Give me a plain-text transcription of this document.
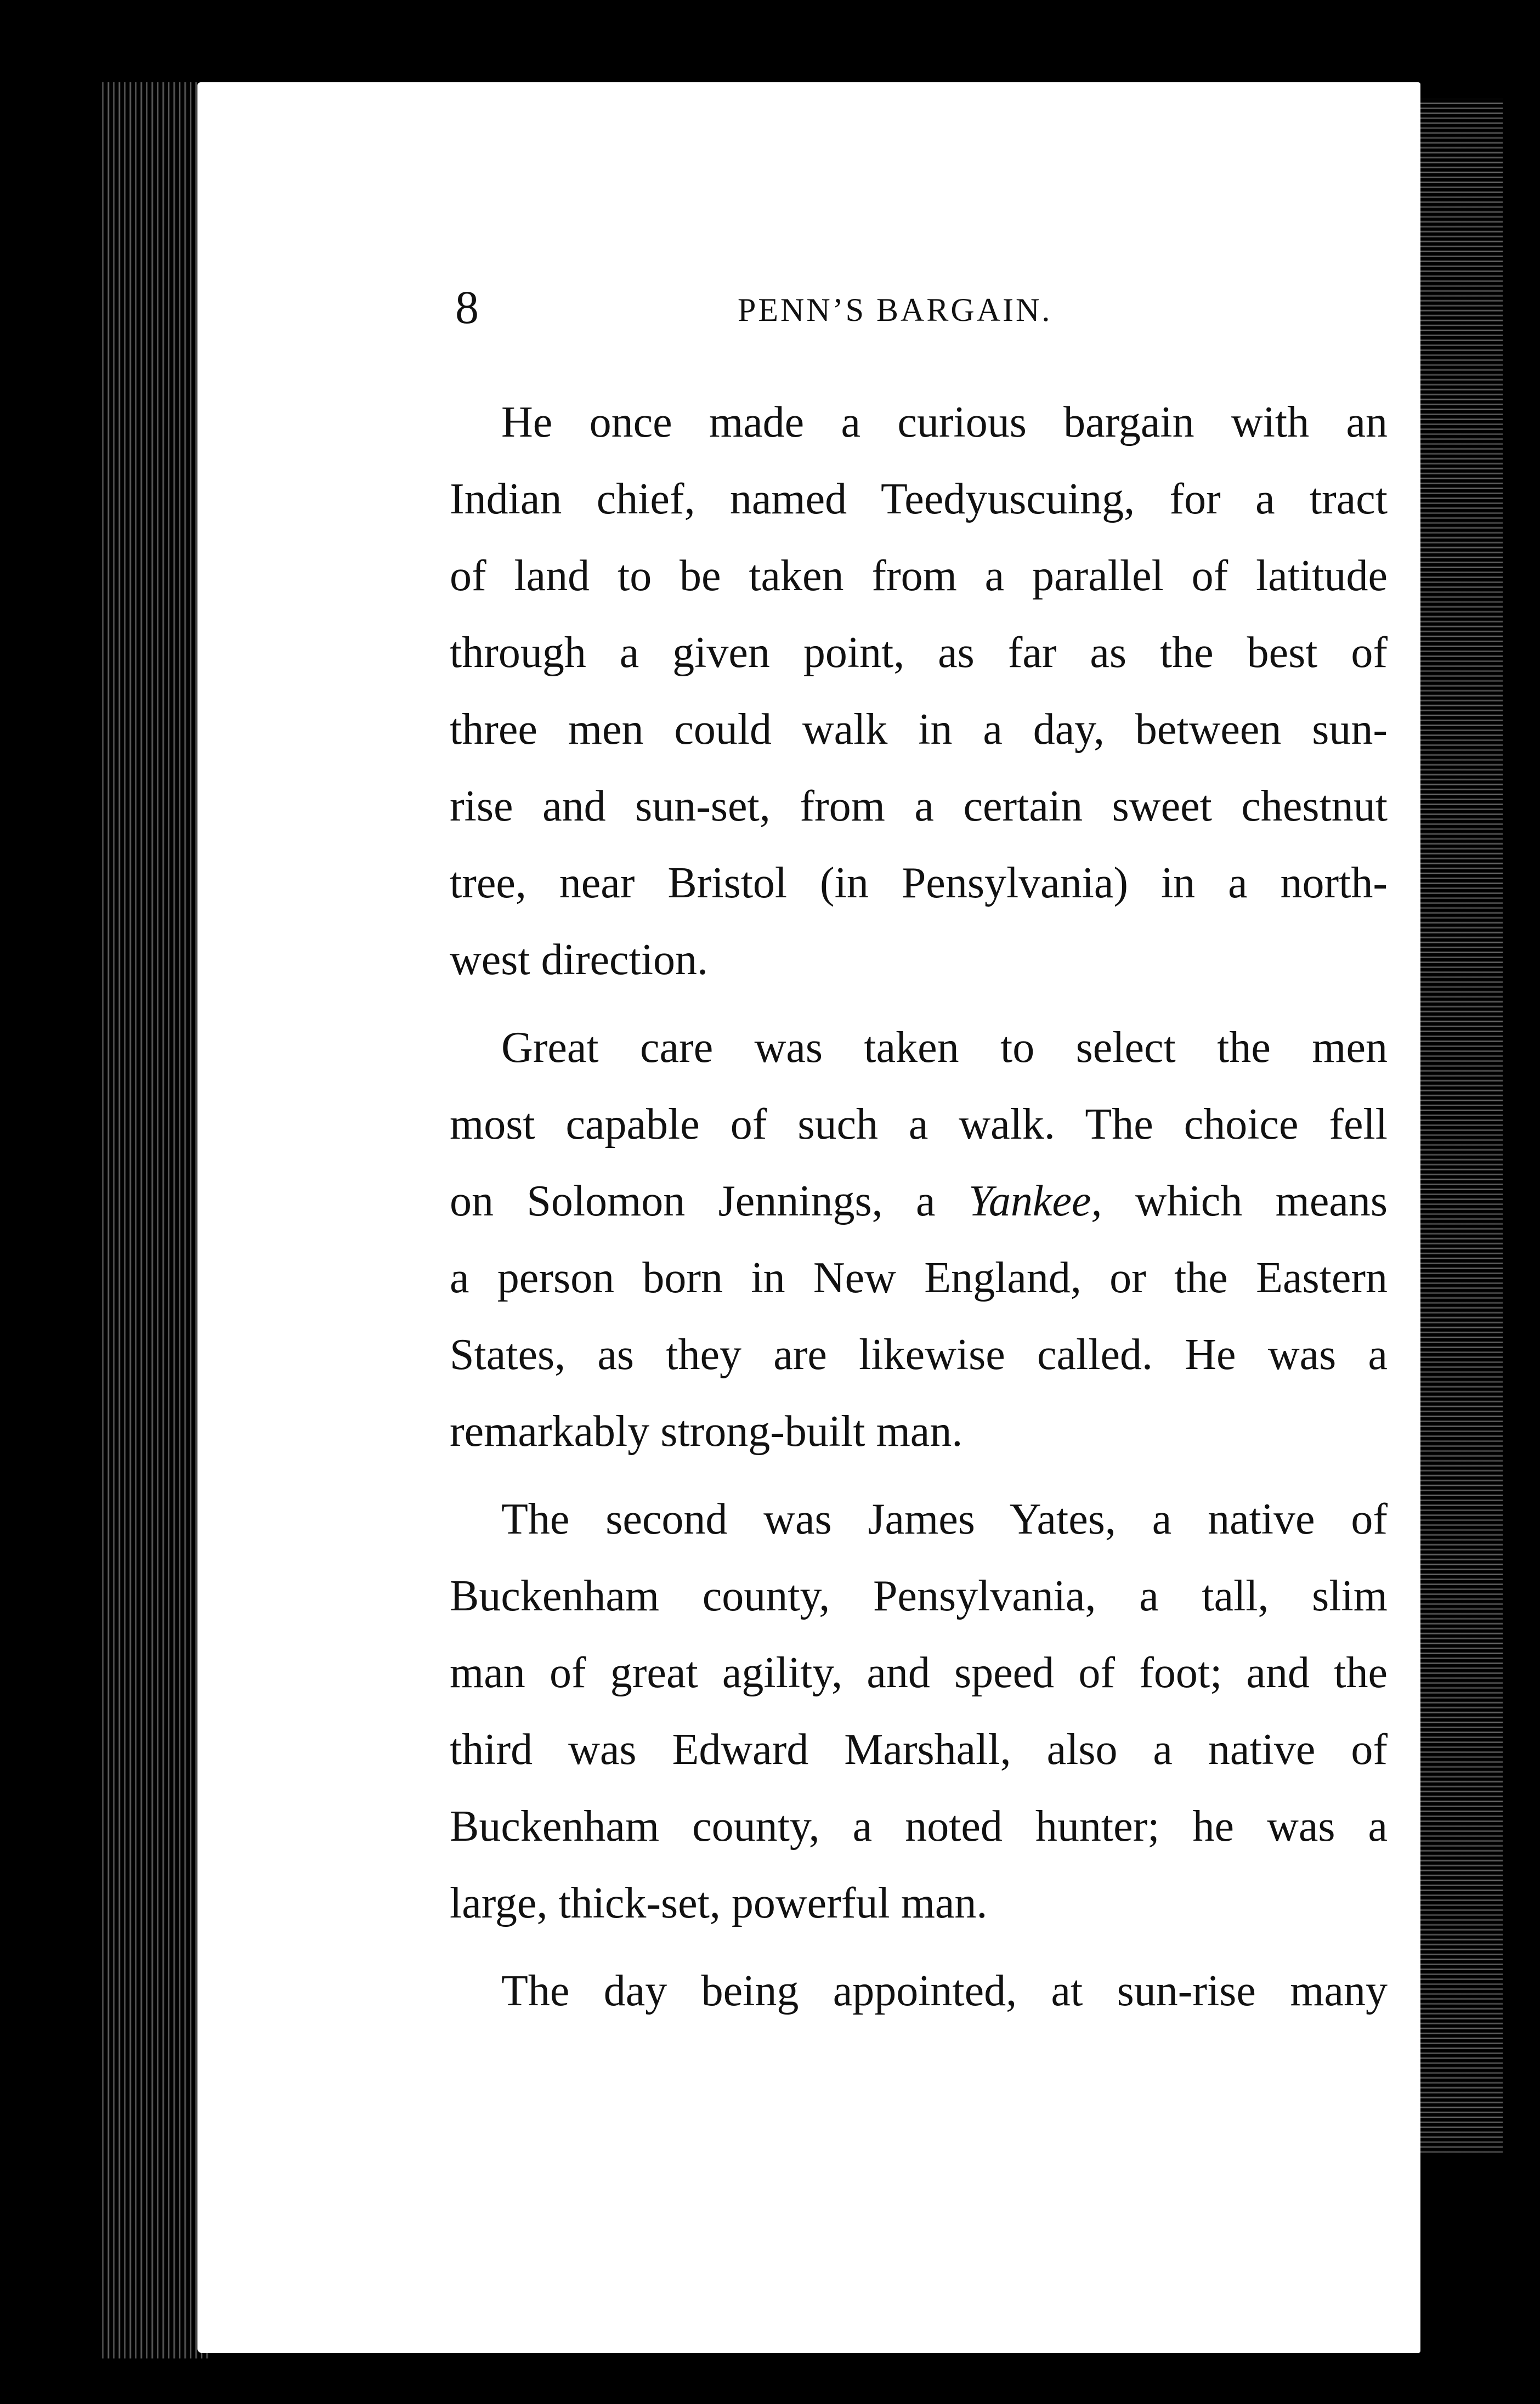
8	PENN’S BARGAIN.
He once made a curious bargain with an
Indian chief, named Teedyuscuing, for a tract
of land to be taken from a parallel of latitude
through a given point, as far as the best of
three men could walk in a day, between sun-
rise and sun-set, from a certain sweet chestnut
tree, near Bristol (in Pensylvania) in a north-
west direction.
Great care was taken to select the men
most capable of such a walk. The choice fell
on Solomon Jennings, a Yankee, which means
a person born in New England, or the Eastern
States, as they are likewise called. He was a
remarkably strong-built man.
The second was James Yates, a native of
Buckenham county, Pensylvania, a tall, slim
man of great agility, and speed of foot; and the
third was Edward Marshall, also a native of
Buckenham county, a noted hunter; he was a
large, thick-set, powerful man.
The day being appointed, at sun-rise many
